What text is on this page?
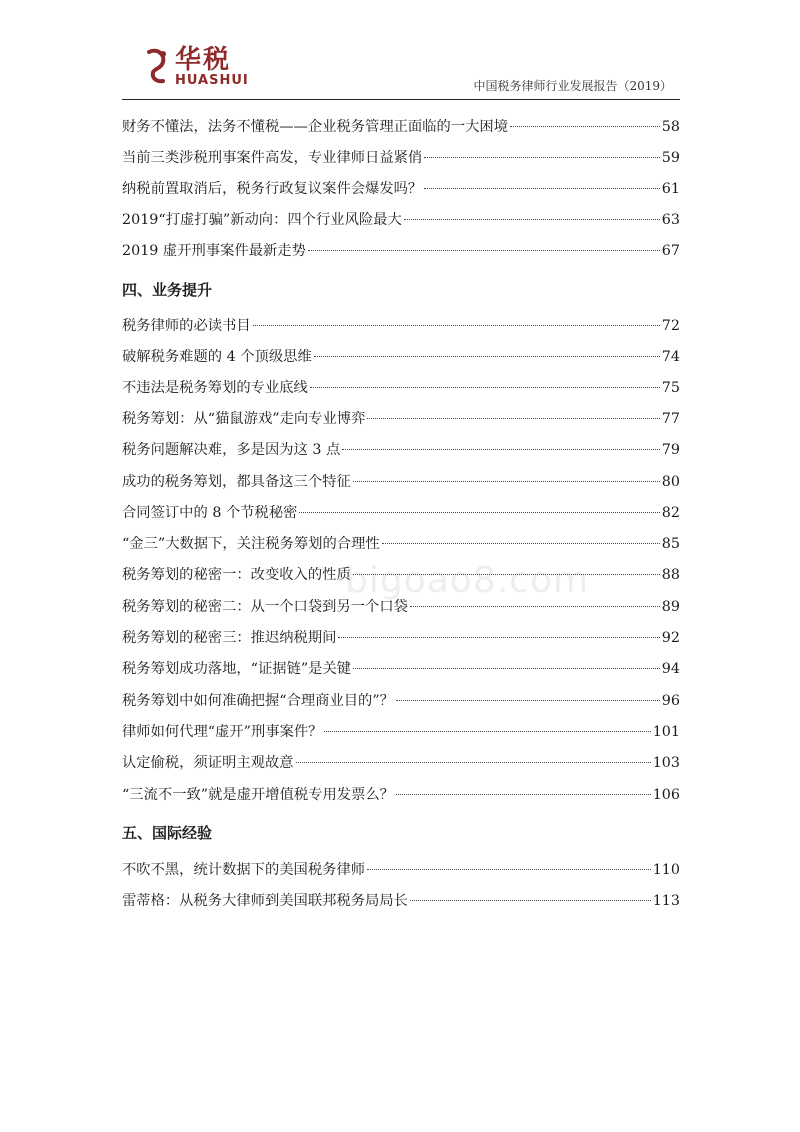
华税
HUASHUI	中国税务律师行业发展报告（2019）
财务不懂法，法务不懂税——企业税务管理正面临的一大困境	58
当前三类涉税刑事案件高发，专业律师日益紧俏	59
纳税前置取消后，税务行政复议案件会爆发吗？	61
2019“打虚打骗”新动向：四个行业风险最大	63
2019 虚开刑事案件最新走势	67
四、业务提升
税务律师的必读书目	72
破解税务难题的 4 个顶级思维	74
不违法是税务筹划的专业底线	75
税务筹划：从“猫鼠游戏”走向专业博弈	77
税务问题解决难，多是因为这 3 点	79
成功的税务筹划，都具备这三个特征	80
合同签订中的 8 个节税秘密	82
“金三”大数据下，关注税务筹划的合理性	85
税务筹划的秘密一：改变收入的性质	88
税务筹划的秘密二：从一个口袋到另一个口袋	89
税务筹划的秘密三：推迟纳税期间	92
税务筹划成功落地，“证据链”是关键	94
税务筹划中如何准确把握“合理商业目的”？	96
律师如何代理“虚开”刑事案件？	101
认定偷税，须证明主观故意	103
“三流不一致”就是虚开增值税专用发票么？	106
五、国际经验
不吹不黑，统计数据下的美国税务律师	110
雷蒂格：从税务大律师到美国联邦税务局局长	113
bigoao8.com
